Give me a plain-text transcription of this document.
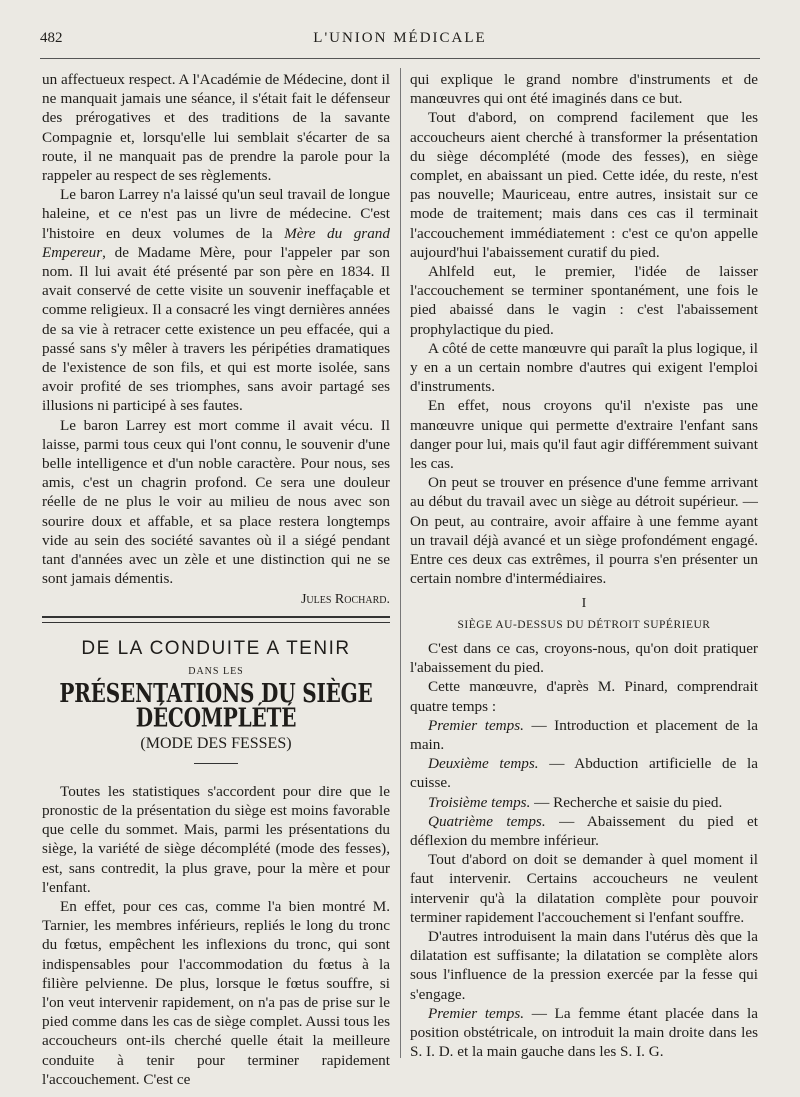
482	L'UNION MÉDICALE

un affectueux respect. A l'Académie de Médecine, dont il ne manquait jamais une séance, il s'était fait le défenseur des prérogatives et des traditions de la savante Compagnie et, lorsqu'elle lui semblait s'écarter de sa route, il ne manquait pas de prendre la parole pour la rappeler au respect de ses règlements.

Le baron Larrey n'a laissé qu'un seul travail de longue haleine, et ce n'est pas un livre de médecine. C'est l'histoire en deux volumes de la Mère du grand Empereur, de Madame Mère, pour l'appeler par son nom. Il lui avait été présenté par son père en 1834. Il avait conservé de cette visite un souvenir ineffaçable et comme religieux. Il a consacré les vingt dernières années de sa vie à retracer cette existence un peu effacée, qui a passé sans s'y mêler à travers les péripéties dramatiques de l'existence de son fils, et qui est morte isolée, sans avoir profité de ses triomphes, sans avoir partagé ses illusions ni participé à ses fautes.

Le baron Larrey est mort comme il avait vécu. Il laisse, parmi tous ceux qui l'ont connu, le souvenir d'une belle intelligence et d'un noble caractère. Pour nous, ses amis, c'est un chagrin profond. Ce sera une douleur réelle de ne plus le voir au milieu de nous avec son sourire doux et affable, et sa place restera longtemps vide au sein des société savantes où il a siégé pendant tant d'années avec un zèle et une distinction qui ne se sont jamais démentis.

Jules Rochard.
DE LA CONDUITE A TENIR
DANS LES
PRÉSENTATIONS DU SIÈGE DÉCOMPLÉTÉ
(MODE DES FESSES)

Toutes les statistiques s'accordent pour dire que le pronostic de la présentation du siège est moins favorable que celle du sommet. Mais, parmi les présentations du siège, la variété de siège décomplété (mode des fesses), est, sans contredit, la plus grave, pour la mère et pour l'enfant.

En effet, pour ces cas, comme l'a bien montré M. Tarnier, les membres inférieurs, repliés le long du tronc du fœtus, empêchent les inflexions du tronc, qui sont indispensables pour l'accommodation du fœtus à la filière pelvienne. De plus, lorsque le fœtus souffre, si l'on veut intervenir rapidement, on n'a pas de prise sur le pied comme dans les cas de siège complet. Aussi tous les accoucheurs ont-ils cherché quelle était la meilleure conduite à tenir pour terminer rapidement l'accouchement. C'est ce

qui explique le grand nombre d'instruments et de manœuvres qui ont été imaginés dans ce but.

Tout d'abord, on comprend facilement que les accoucheurs aient cherché à transformer la présentation du siège décomplété (mode des fesses), en siège complet, en abaissant un pied. Cette idée, du reste, n'est pas nouvelle; Mauriceau, entre autres, insistait sur ce mode de traitement; mais dans ces cas il terminait l'accouchement immédiatement : c'est ce qu'on appelle aujourd'hui l'abaissement curatif du pied.

Ahlfeld eut, le premier, l'idée de laisser l'accouchement se terminer spontanément, une fois le pied abaissé dans le vagin : c'est l'abaissement prophylactique du pied.

A côté de cette manœuvre qui paraît la plus logique, il y en a un certain nombre d'autres qui exigent l'emploi d'instruments.

En effet, nous croyons qu'il n'existe pas une manœuvre unique qui permette d'extraire l'enfant sans danger pour lui, mais qu'il faut agir différemment suivant les cas.

On peut se trouver en présence d'une femme arrivant au début du travail avec un siège au détroit supérieur. — On peut, au contraire, avoir affaire à une femme ayant un travail déjà avancé et un siège profondément engagé. Entre ces deux cas extrêmes, il pourra s'en présenter un certain nombre d'intermédiaires.

I
SIÈGE AU-DESSUS DU DÉTROIT SUPÉRIEUR

C'est dans ce cas, croyons-nous, qu'on doit pratiquer l'abaissement du pied.

Cette manœuvre, d'après M. Pinard, comprendrait quatre temps :

Premier temps. — Introduction et placement de la main.

Deuxième temps. — Abduction artificielle de la cuisse.

Troisième temps. — Recherche et saisie du pied.

Quatrième temps. — Abaissement du pied et déflexion du membre inférieur.

Tout d'abord on doit se demander à quel moment il faut intervenir. Certains accoucheurs ne veulent intervenir qu'à la dilatation complète pour pouvoir terminer rapidement l'accouchement si l'enfant souffre.

D'autres introduisent la main dans l'utérus dès que la dilatation est suffisante; la dilatation se complète alors sous l'influence de la pression exercée par la fesse qui s'engage.

Premier temps. — La femme étant placée dans la position obstétricale, on introduit la main droite dans les S. I. D. et la main gauche dans les S. I. G.
